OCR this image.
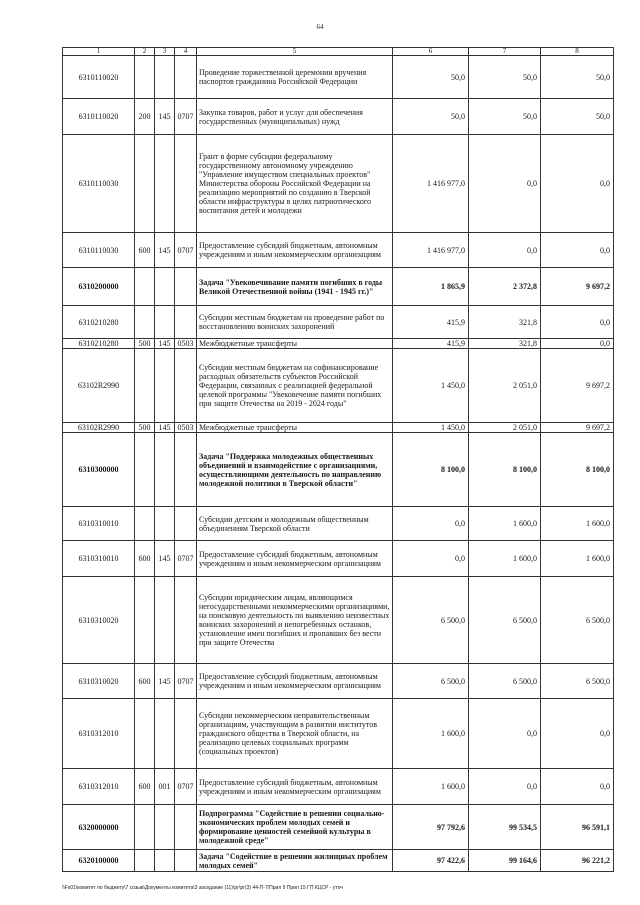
64
1	2	3	4	5	6	7	8
6310110020				Проведение торжественной церемонии вручения паспортов гражданина Российской Федерации	50,0	50,0	50,0
6310110020	200	145	0707	Закупка товаров, работ и услуг для обеспечения государственных (муниципальных) нужд	50,0	50,0	50,0
6310110030				Грант в форме субсидии федеральному государственному автономному учреждению "Управление имуществом специальных проектов" Министерства обороны Российской Федерации на реализацию мероприятий по созданию в Тверской области инфраструктуры в целях патриотического воспитания детей и молодежи	1 416 977,0	0,0	0,0
6310110030	600	145	0707	Предоставление субсидий бюджетным, автономным учреждениям и иным некоммерческим организациям	1 416 977,0	0,0	0,0
6310200000				Задача "Увековечивание памяти погибших в годы Великой Отечественной войны (1941 - 1945 гг.)"	1 865,9	2 372,8	9 697,2
6310210280				Субсидии местным бюджетам на проведение работ по восстановлению воинских захоронений	415,9	321,8	0,0
6310210280	500	145	0503	Межбюджетные трансферты	415,9	321,8	0,0
63102R2990				Субсидии местным бюджетам на софинансирование расходных обязательств субъектов Российской Федерации, связанных с реализацией федеральной целевой программы "Увековечение памяти погибших при защите Отечества на 2019 - 2024 годы"	1 450,0	2 051,0	9 697,2
63102R2990	500	145	0503	Межбюджетные трансферты	1 450,0	2 051,0	9 697,2
6310300000				Задача "Поддержка молодежных общественных объединений и взаимодействие с организациями, осуществляющими деятельность по направлению молодежной политики в Тверской области"	8 100,0	8 100,0	8 100,0
6310310010				Субсидии детским и молодежным общественным объединениям Тверской области	0,0	1 600,0	1 600,0
6310310010	600	145	0707	Предоставление субсидий бюджетным, автономным учреждениям и иным некоммерческим организациям	0,0	1 600,0	1 600,0
6310310020				Субсидии юридическим лицам, являющимся негосударственными некоммерческими организациями, на поисковую деятельность по выявлению неизвестных воинских захоронений и непогребенных останков, установление имен погибших и пропавших без вести при защите Отечества	6 500,0	6 500,0	6 500,0
6310310020	600	145	0707	Предоставление субсидий бюджетным, автономным учреждениям и иным некоммерческим организациям	6 500,0	6 500,0	6 500,0
6310312010				Субсидии некоммерческим неправительственным организациям, участвующим в развитии институтов гражданского общества в Тверской области, на реализацию целевых социальных программ (социальных проектов)	1 600,0	0,0	0,0
6310312010	600	001	0707	Предоставление субсидий бюджетным, автономным учреждениям и иным некоммерческим организациям	1 600,0	0,0	0,0
6320000000				Подпрограмма "Содействие в решении социально-экономических проблем молодых семей и формирование ценностей семейной культуры в молодежной среде"	97 792,6	99 534,5	96 591,1
6320100000				Задача "Содействие в решении жилищных проблем молодых семей"	97 422,6	99 164,6	96 221,2
\\Fs01\комитет по бюджету\7 созыв\Документы комитета\3 заседание (11)\рг\рг(3) 44-П-7\Прил 9 Прил 15 ГП КЦСР - уточ
